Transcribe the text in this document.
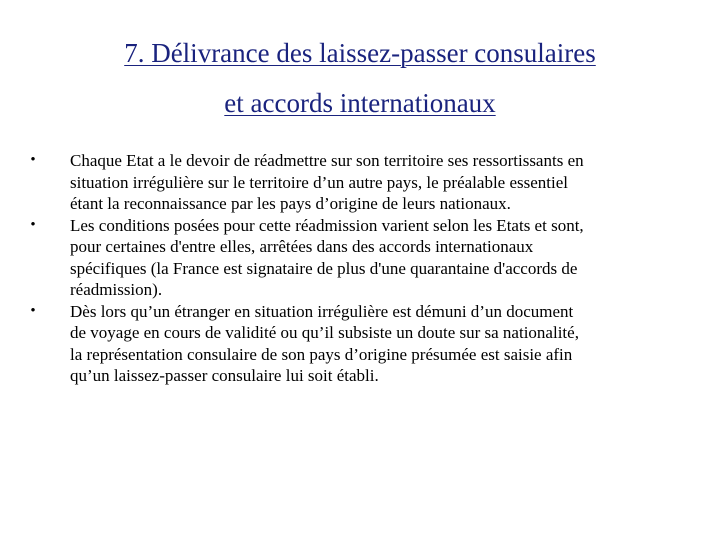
7. Délivrance des laissez-passer consulaires
et accords internationaux
• Chaque Etat a le devoir de réadmettre sur son territoire ses ressortissants en
situation irrégulière sur le territoire d’un autre pays, le préalable essentiel
étant la reconnaissance par les pays d’origine de leurs nationaux.
• Les conditions posées pour cette réadmission varient selon les Etats et sont,
pour certaines d'entre elles, arrêtées dans des accords internationaux
spécifiques (la France est signataire de plus d'une quarantaine d'accords de
réadmission).
• Dès lors qu’un étranger en situation irrégulière est démuni d’un document
de voyage en cours de validité ou qu’il subsiste un doute sur sa nationalité,
la représentation consulaire de son pays d’origine présumée est saisie afin
qu’un laissez-passer consulaire lui soit établi.
